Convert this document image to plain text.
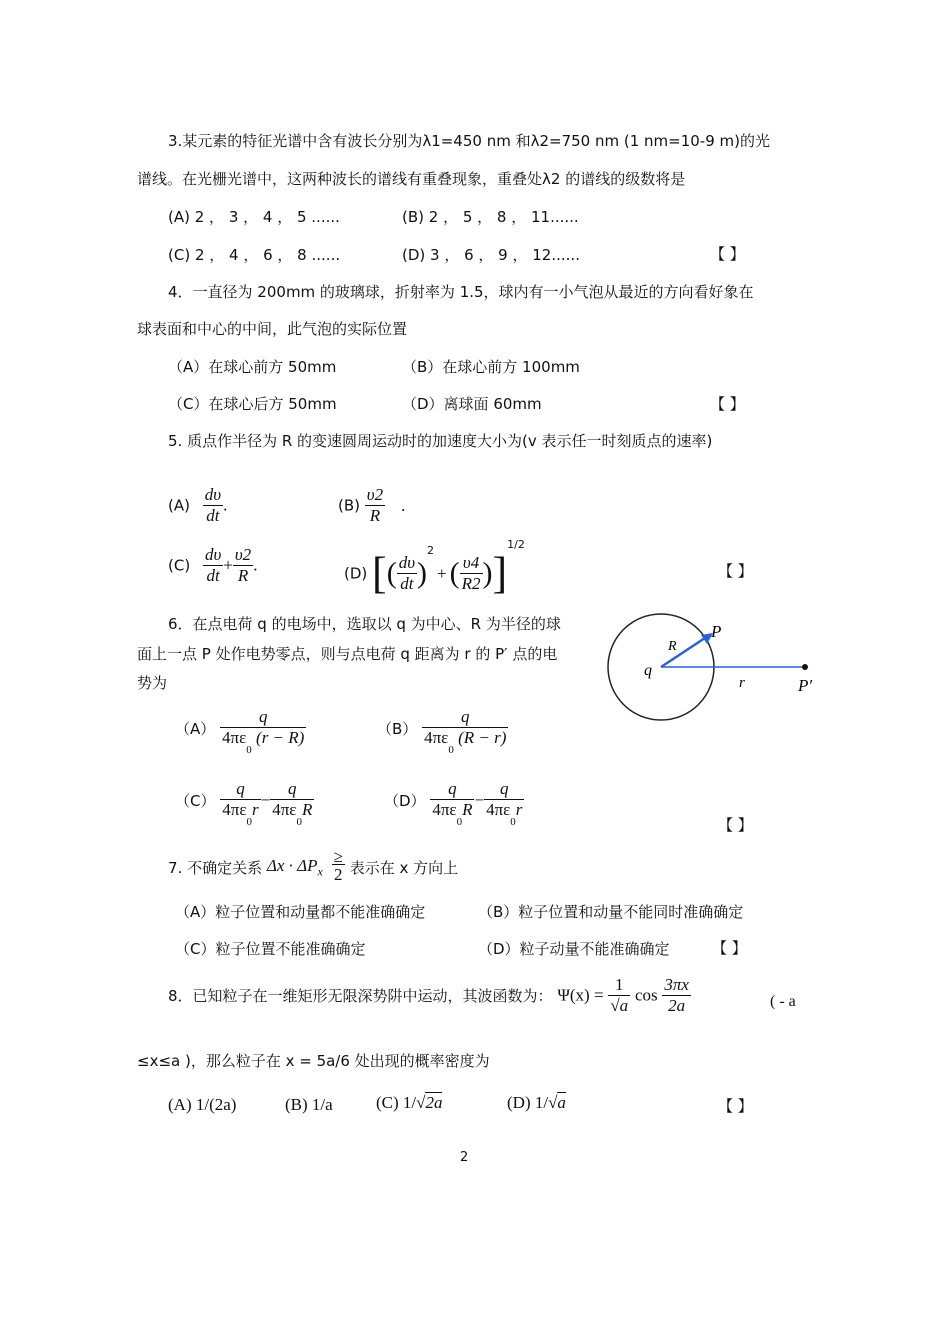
3.某元素的特征光谱中含有波长分别为λ1=450 nm 和λ2=750 nm (1 nm=10-9 m)的光
谱线。在光栅光谱中，这两种波长的谱线有重叠现象，重叠处λ2 的谱线的级数将是
(A) 2 ， 3 ， 4 ， 5 ......	(B) 2 ， 5 ， 8 ， 11......
(C) 2 ， 4 ， 6 ， 8 ......	(D) 3 ， 6 ， 9 ， 12......	【 】
4．一直径为 200mm 的玻璃球，折射率为 1.5，球内有一小气泡从最近的方向看好象在
球表面和中心的中间，此气泡的实际位置
（A）在球心前方 50mm	（B）在球心前方 100mm
（C）在球心后方 50mm	（D）离球面 60mm	【 】
5. 质点作半径为 R 的变速圆周运动时的加速度大小为(v 表示任一时刻质点的速率)
$(A) \frac{d\upsilon}{dt}$ .	$(B) \frac{\upsilon 2}{R}$ .
$(C) \frac{d\upsilon}{dt} + \frac{\upsilon 2}{R}$ .	(D) [( $\frac{d\upsilon}{dt} )^2+$ ( $\frac{\upsilon 4}{R2} )]^{1/2}$
【 】
6．在点电荷 q 的电场中，选取以 q 为中心、R 为半径的球
面上一点 P 处作电势零点，则与点电荷 q 距离为 r 的 P′ 点的电
势为
q
R
P
r	P′
$(A) \frac{q}{4\pi\varepsilon_0 (r - R)}$	$(B) \frac{q}{4\pi\varepsilon_0 (R - r)}$
$(C) \frac{q}{4\pi\varepsilon_0r} - \frac{q}{4\pi\varepsilon_0R}$	$(D) \frac{q}{4\pi\varepsilon_0R} - \frac{q}{4\pi\varepsilon_0r}$
【 】
7. 不确定关系 $\Delta x \cdot \Delta P_x \frac{\ge}{2}$ 表示在 x 方向上
（A）粒子位置和动量都不能准确确定	（B）粒子位置和动量不能同时准确确定
（C）粒子位置不能准确确定	（D）粒子动量不能准确确定	【 】
8．已知粒子在一维矩形无限深势阱中运动，其波函数为： $\Psi(x) = \frac{1}{√a}$ $\cos \frac{3\pi x}{2a}$	( - a
≤x≤a )，那么粒子在 x = 5a/6 处出现的概率密度为
(A) 1/(2a)	(B) 1/a	(C) 1/√2a	(D) 1/√a	【 】
2
